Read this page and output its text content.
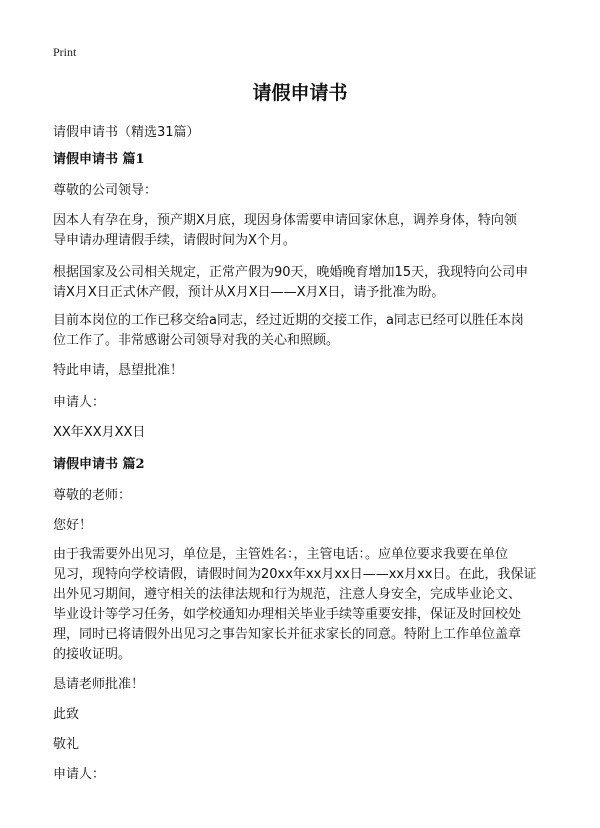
Print
请假申请书
请假申请书（精选31篇）
请假申请书 篇1
尊敬的公司领导：
因本人有孕在身，预产期X月底，现因身体需要申请回家休息，调养身体，特向领
导申请办理请假手续，请假时间为X个月。
根据国家及公司相关规定，正常产假为90天，晚婚晚育增加15天，我现特向公司申
请X月X日正式休产假，预计从X月X日——X月X日，请予批准为盼。
目前本岗位的工作已移交给a同志，经过近期的交接工作，a同志已经可以胜任本岗
位工作了。非常感谢公司领导对我的关心和照顾。
特此申请，恳望批准！
申请人：
XX年XX月XX日
请假申请书 篇2
尊敬的老师：
您好！
由于我需要外出见习，单位是，主管姓名：，主管电话：。应单位要求我要在单位
见习，现特向学校请假，请假时间为20xx年xx月xx日——xx月xx日。在此，我保证
出外见习期间，遵守相关的法律法规和行为规范，注意人身安全，完成毕业论文、
毕业设计等学习任务，如学校通知办理相关毕业手续等重要安排，保证及时回校处
理，同时已将请假外出见习之事告知家长并征求家长的同意。特附上工作单位盖章
的接收证明。
恳请老师批准！
此致
敬礼
申请人：
